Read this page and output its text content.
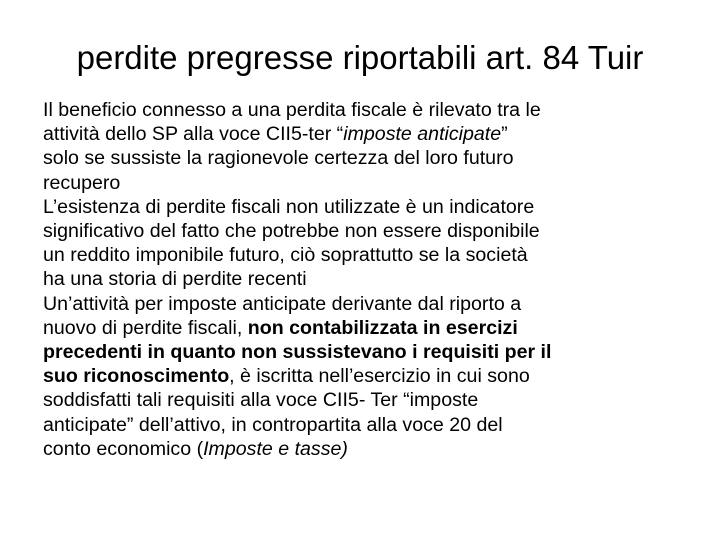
perdite pregresse riportabili art. 84 Tuir
Il beneficio connesso a una perdita fiscale è rilevato tra le
attività dello SP alla voce CII5-ter “imposte anticipate”
solo se sussiste la ragionevole certezza del loro futuro
recupero
L’esistenza di perdite fiscali non utilizzate è un indicatore
significativo del fatto che potrebbe non essere disponibile
un reddito imponibile futuro, ciò soprattutto se la società
ha una storia di perdite recenti
Un’attività per imposte anticipate derivante dal riporto a
nuovo di perdite fiscali, non contabilizzata in esercizi
precedenti in quanto non sussistevano i requisiti per il
suo riconoscimento, è iscritta nell’esercizio in cui sono
soddisfatti tali requisiti alla voce CII5- Ter “imposte
anticipate” dell’attivo, in contropartita alla voce 20 del
conto economico (Imposte e tasse)
